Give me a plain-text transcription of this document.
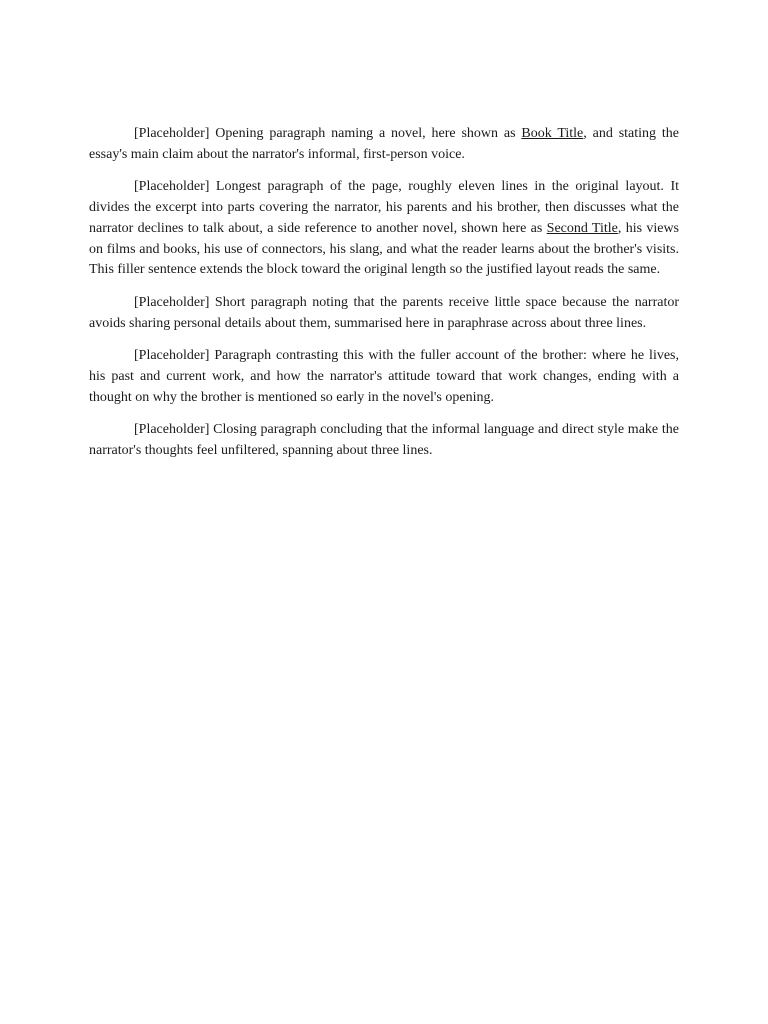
[Placeholder] Opening paragraph naming a novel, here shown as Book Title, and stating the essay's main claim about the narrator's informal, first-person voice.

[Placeholder] Longest paragraph of the page, roughly eleven lines in the original layout. It divides the excerpt into parts covering the narrator, his parents and his brother, then discusses what the narrator declines to talk about, a side reference to another novel, shown here as Second Title, his views on films and books, his use of connectors, his slang, and what the reader learns about the brother's visits. This filler sentence extends the block toward the original length so the justified layout reads the same.

[Placeholder] Short paragraph noting that the parents receive little space because the narrator avoids sharing personal details about them, summarised here in paraphrase across about three lines.

[Placeholder] Paragraph contrasting this with the fuller account of the brother: where he lives, his past and current work, and how the narrator's attitude toward that work changes, ending with a thought on why the brother is mentioned so early in the novel's opening.

[Placeholder] Closing paragraph concluding that the informal language and direct style make the narrator's thoughts feel unfiltered, spanning about three lines.
